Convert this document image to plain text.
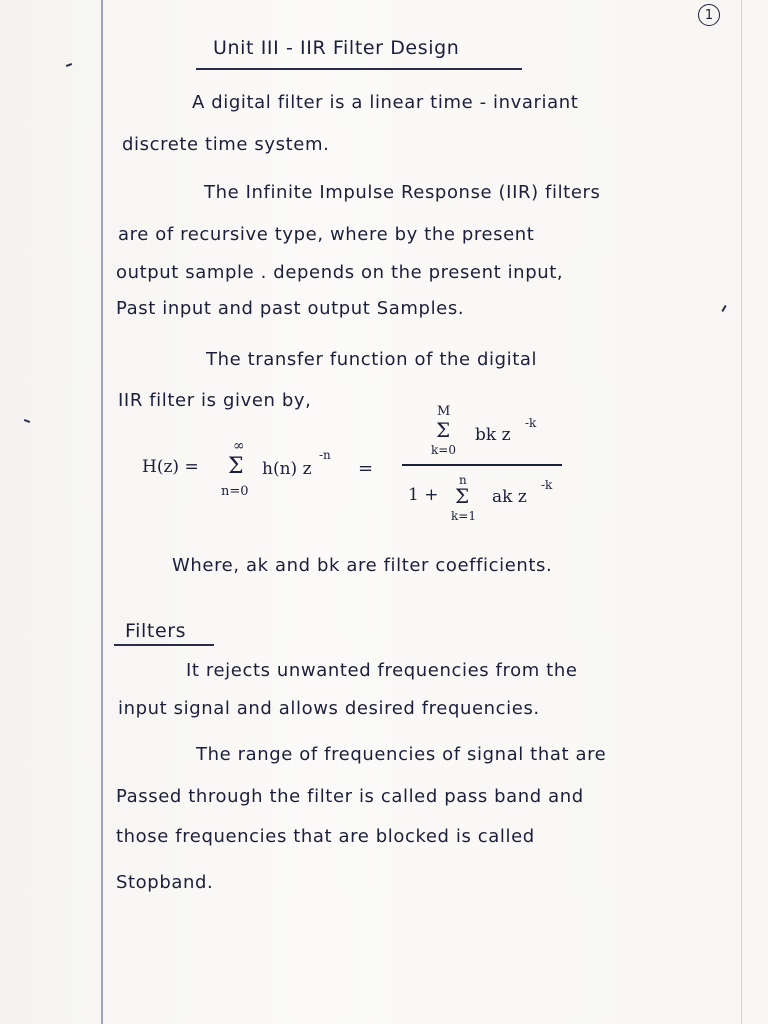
1
Unit III - IIR Filter Design
A digital filter is a linear time - invariant
discrete time system.
The Infinite Impulse Response (IIR) filters
are of recursive type, where by the present
output sample . depends on the present input,
Past input and past output Samples.
The transfer function of the digital
IIR filter is given by,
H(z) =
∞
Σ
n=0
h(n) z
-n
=
M
Σ
k=0
bk z
-k
1 +
n
Σ
k=1
ak z
-k
Where, ak and bk are filter coefficients.
Filters
It rejects unwanted frequencies from the
input signal and allows desired frequencies.
The range of frequencies of signal that are
Passed through the filter is called pass band and
those frequencies that are blocked is called
Stopband.
